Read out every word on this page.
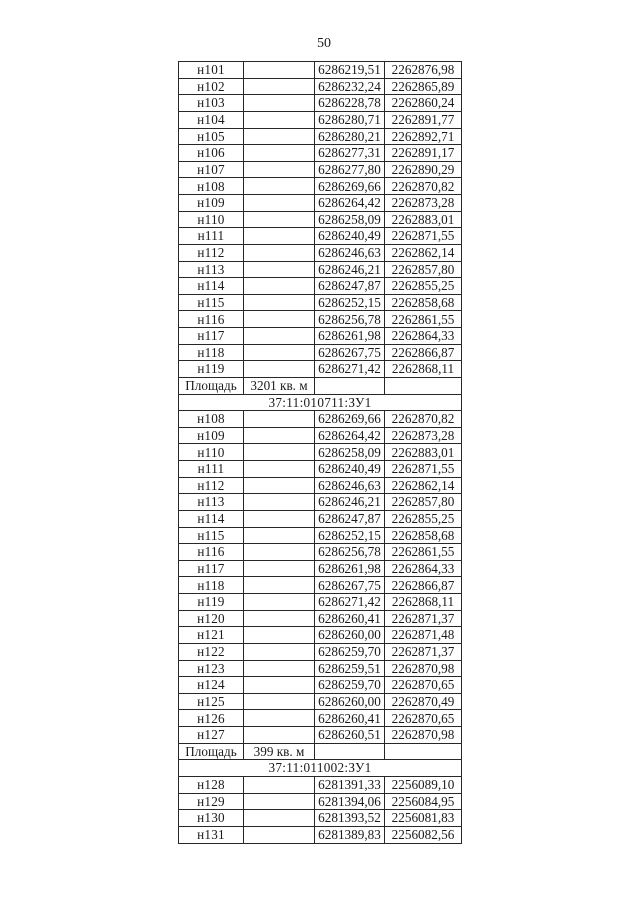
50
н101		6286219,51	2262876,98
н102		6286232,24	2262865,89
н103		6286228,78	2262860,24
н104		6286280,71	2262891,77
н105		6286280,21	2262892,71
н106		6286277,31	2262891,17
н107		6286277,80	2262890,29
н108		6286269,66	2262870,82
н109		6286264,42	2262873,28
н110		6286258,09	2262883,01
н111		6286240,49	2262871,55
н112		6286246,63	2262862,14
н113		6286246,21	2262857,80
н114		6286247,87	2262855,25
н115		6286252,15	2262858,68
н116		6286256,78	2262861,55
н117		6286261,98	2262864,33
н118		6286267,75	2262866,87
н119		6286271,42	2262868,11
Площадь	3201 кв. м		
37:11:010711:ЗУ1			
н108		6286269,66	2262870,82
н109		6286264,42	2262873,28
н110		6286258,09	2262883,01
н111		6286240,49	2262871,55
н112		6286246,63	2262862,14
н113		6286246,21	2262857,80
н114		6286247,87	2262855,25
н115		6286252,15	2262858,68
н116		6286256,78	2262861,55
н117		6286261,98	2262864,33
н118		6286267,75	2262866,87
н119		6286271,42	2262868,11
н120		6286260,41	2262871,37
н121		6286260,00	2262871,48
н122		6286259,70	2262871,37
н123		6286259,51	2262870,98
н124		6286259,70	2262870,65
н125		6286260,00	2262870,49
н126		6286260,41	2262870,65
н127		6286260,51	2262870,98
Площадь	399 кв. м		
37:11:011002:ЗУ1			
н128		6281391,33	2256089,10
н129		6281394,06	2256084,95
н130		6281393,52	2256081,83
н131		6281389,83	2256082,56
